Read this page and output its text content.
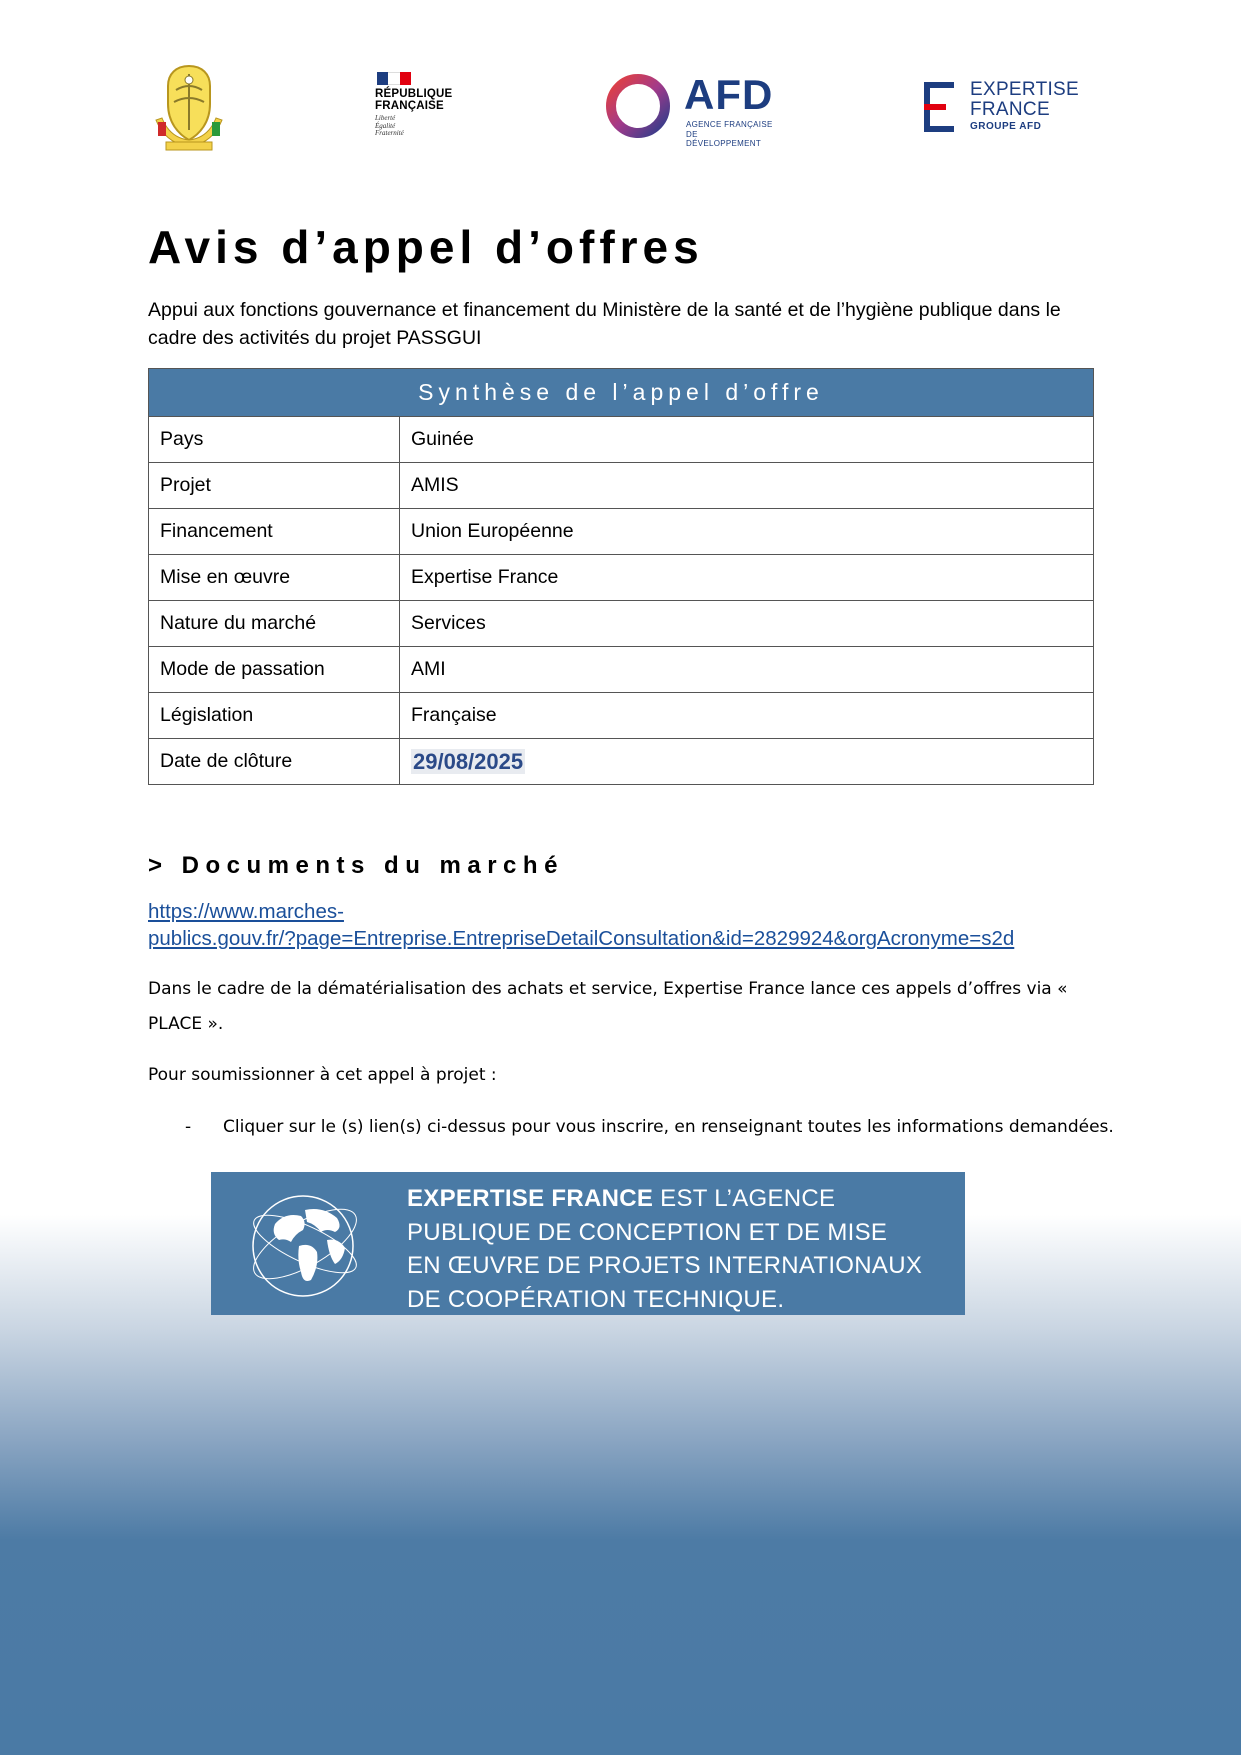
RÉPUBLIQUE
FRANÇAISE
Liberté
Égalité
Fraternité
AFD
AGENCE FRANÇAISE
DE DÉVELOPPEMENT
EXPERTISE
FRANCE
GROUPE AFD
Avis d’appel d’offres

Appui aux fonctions gouvernance et financement du Ministère de la santé et de l’hygiène publique dans le cadre des activités du projet PASSGUI

Synthèse de l’appel d’offre	
Pays	Guinée
Projet	AMIS
Financement	Union Européenne
Mise en œuvre	Expertise France
Nature du marché	Services
Mode de passation	AMI
Législation	Française
Date de clôture	29/08/2025
> Documents du marché
https://www.marches-
publics.gouv.fr/?page=Entreprise.EntrepriseDetailConsultation&id=2829924&orgAcronyme=s2d

Dans le cadre de la dématérialisation des achats et service, Expertise France lance ces appels d’offres via « PLACE ».

Pour soumissionner à cet appel à projet :

- Cliquer sur le (s) lien(s) ci-dessus pour vous inscrire, en renseignant toutes les informations demandées.
EXPERTISE FRANCE EST L’AGENCE
PUBLIQUE DE CONCEPTION ET DE MISE
EN ŒUVRE DE PROJETS INTERNATIONAUX
DE COOPÉRATION TECHNIQUE.
